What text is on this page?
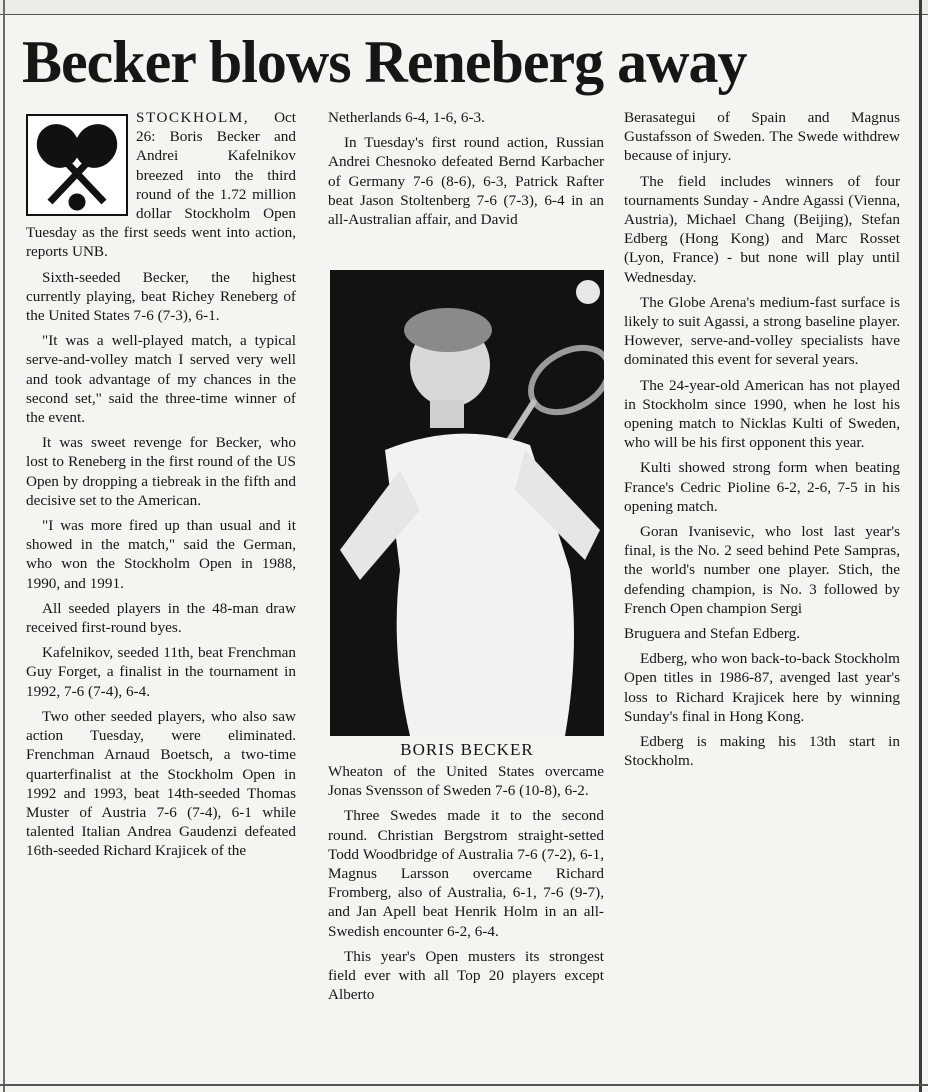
Becker blows Reneberg away

STOCKHOLM, Oct 26: Boris Becker and Andrei Kafelnikov breezed into the third round of the 1.72 million dollar Stockholm Open Tuesday as the first seeds went into action, reports UNB.

Sixth-seeded Becker, the highest currently playing, beat Richey Reneberg of the United States 7-6 (7-3), 6-1.

"It was a well-played match, a typical serve-and-volley match I served very well and took advantage of my chances in the second set," said the three-time winner of the event.

It was sweet revenge for Becker, who lost to Reneberg in the first round of the US Open by dropping a tiebreak in the fifth and decisive set to the American.

"I was more fired up than usual and it showed in the match," said the German, who won the Stockholm Open in 1988, 1990, and 1991.

All seeded players in the 48-man draw received first-round byes.

Kafelnikov, seeded 11th, beat Frenchman Guy Forget, a finalist in the tournament in 1992, 7-6 (7-4), 6-4.

Two other seeded players, who also saw action Tuesday, were eliminated. Frenchman Arnaud Boetsch, a two-time quarterfinalist at the Stockholm Open in 1992 and 1993, beat 14th-seeded Thomas Muster of Austria 7-6 (7-4), 6-1 while talented Italian Andrea Gaudenzi defeated 16th-seeded Richard Krajicek of the

Netherlands 6-4, 1-6, 6-3.

In Tuesday's first round action, Russian Andrei Chesnoko defeated Bernd Karbacher of Germany 7-6 (8-6), 6-3, Patrick Rafter beat Jason Stoltenberg 7-6 (7-3), 6-4 in an all-Australian affair, and David

BORIS BECKER

Wheaton of the United States overcame Jonas Svensson of Sweden 7-6 (10-8), 6-2.

Three Swedes made it to the second round. Christian Bergstrom straight-setted Todd Woodbridge of Australia 7-6 (7-2), 6-1, Magnus Larsson overcame Richard Fromberg, also of Australia, 6-1, 7-6 (9-7), and Jan Apell beat Henrik Holm in an all-Swedish encounter 6-2, 6-4.

This year's Open musters its strongest field ever with all Top 20 players except Alberto

Berasategui of Spain and Magnus Gustafsson of Sweden. The Swede withdrew because of injury.

The field includes winners of four tournaments Sunday - Andre Agassi (Vienna, Austria), Michael Chang (Beijing), Stefan Edberg (Hong Kong) and Marc Rosset (Lyon, France) - but none will play until Wednesday.

The Globe Arena's medium-fast surface is likely to suit Agassi, a strong baseline player. However, serve-and-volley specialists have dominated this event for several years.

The 24-year-old American has not played in Stockholm since 1990, when he lost his opening match to Nicklas Kulti of Sweden, who will be his first opponent this year.

Kulti showed strong form when beating France's Cedric Pioline 6-2, 2-6, 7-5 in his opening match.

Goran Ivanisevic, who lost last year's final, is the No. 2 seed behind Pete Sampras, the world's number one player. Stich, the defending champion, is No. 3 followed by French Open champion Sergi

Bruguera and Stefan Edberg.

Edberg, who won back-to-back Stockholm Open titles in 1986-87, avenged last year's loss to Richard Krajicek here by winning Sunday's final in Hong Kong.

Edberg is making his 13th start in Stockholm.
